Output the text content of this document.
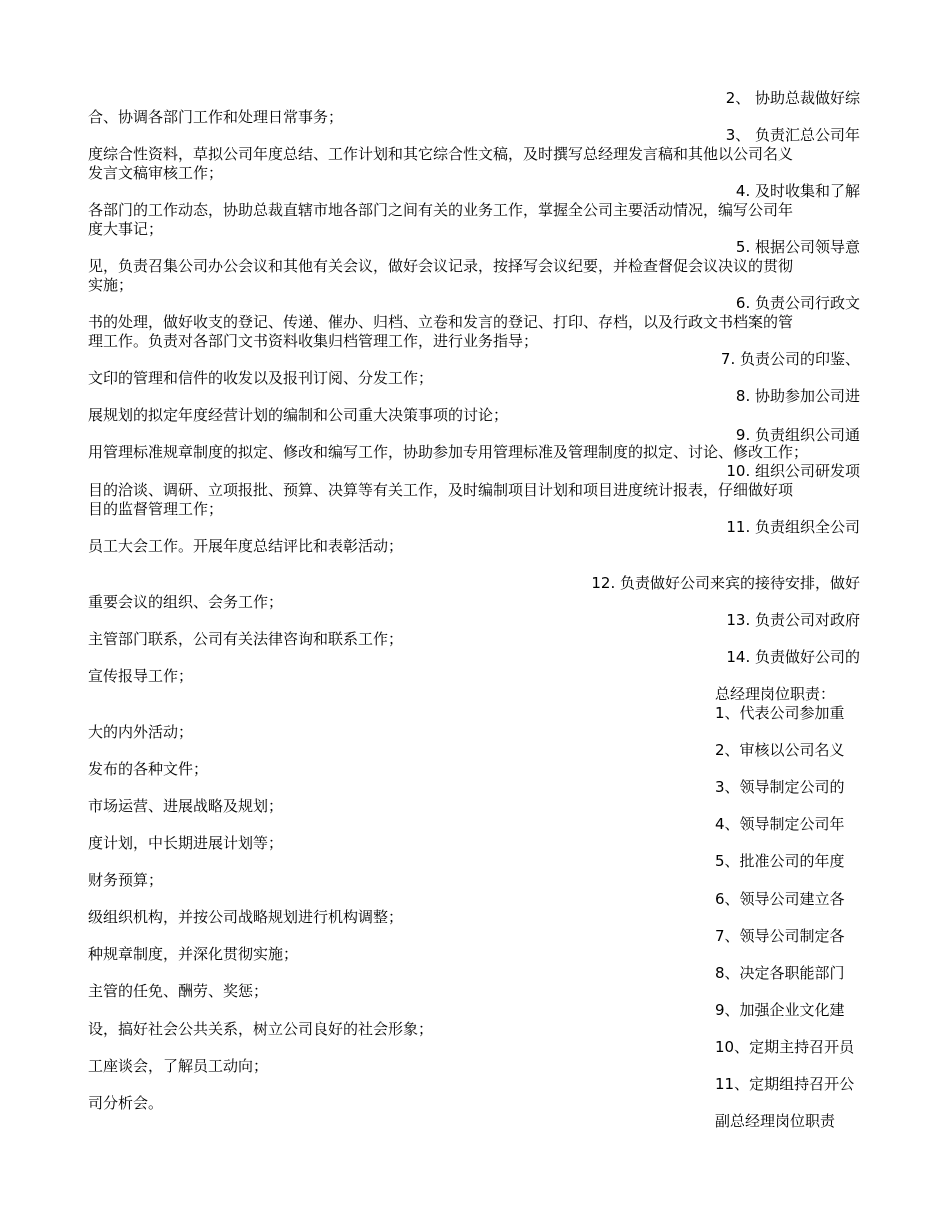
2、 协助总裁做好综
合、协调各部门工作和处理日常事务；
3、 负责汇总公司年
度综合性资料，草拟公司年度总结、工作计划和其它综合性文稿，及时撰写总经理发言稿和其他以公司名义
发言文稿审核工作；
4. 及时收集和了解
各部门的工作动态，协助总裁直辖市地各部门之间有关的业务工作，掌握全公司主要活动情况，编写公司年
度大事记；
5. 根据公司领导意
见，负责召集公司办公会议和其他有关会议，做好会议记录，按择写会议纪要，并检查督促会议决议的贯彻
实施；
6. 负责公司行政文
书的处理，做好收支的登记、传递、催办、归档、立卷和发言的登记、打印、存档，以及行政文书档案的管
理工作。负责对各部门文书资料收集归档管理工作，进行业务指导；
7. 负责公司的印鉴、
文印的管理和信件的收发以及报刊订阅、分发工作；
8. 协助参加公司进
展规划的拟定年度经营计划的编制和公司重大决策事项的讨论；
9. 负责组织公司通
用管理标准规章制度的拟定、修改和编写工作，协助参加专用管理标准及管理制度的拟定、讨论、修改工作；
10. 组织公司研发项
目的洽谈、调研、立项报批、预算、决算等有关工作，及时编制项目计划和项目进度统计报表，仔细做好项
目的监督管理工作；
11. 负责组织全公司
员工大会工作。开展年度总结评比和表彰活动；
12. 负责做好公司来宾的接待安排，做好
重要会议的组织、会务工作；
13. 负责公司对政府
主管部门联系，公司有关法律咨询和联系工作；
14. 负责做好公司的
宣传报导工作；
总经理岗位职责：
1、代表公司参加重
大的内外活动；
2、审核以公司名义
发布的各种文件；
3、领导制定公司的
市场运营、进展战略及规划；
4、领导制定公司年
度计划，中长期进展计划等；
5、批准公司的年度
财务预算；
6、领导公司建立各
级组织机构，并按公司战略规划进行机构调整；
7、领导公司制定各
种规章制度，并深化贯彻实施；
8、决定各职能部门
主管的任免、酬劳、奖惩；
9、加强企业文化建
设，搞好社会公共关系，树立公司良好的社会形象；
10、定期主持召开员
工座谈会，了解员工动向；
11、定期组持召开公
司分析会。
副总经理岗位职责
